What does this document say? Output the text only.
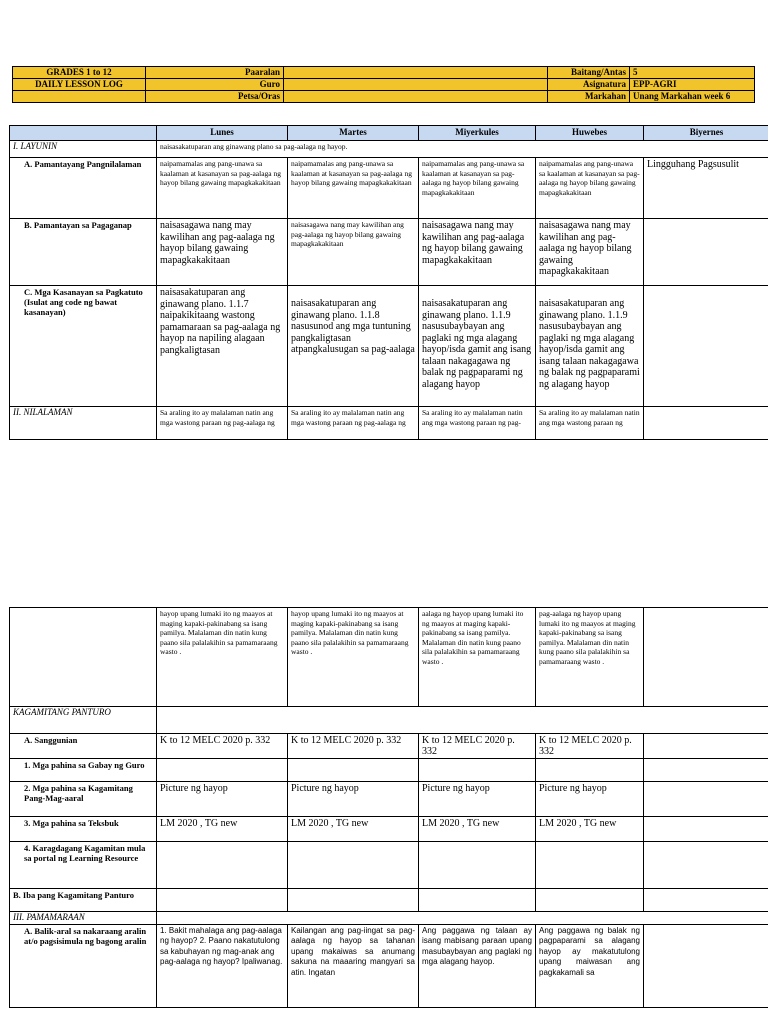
GRADES 1 to 12	Paaralan		Baitang/Antas	5
DAILY LESSON LOG	Guro		Asignatura	EPP-AGRI
	Petsa/Oras		Markahan	Unang Markahan week 6
	Lunes	Martes	Miyerkules	Huwebes	Biyernes
I. LAYUNIN	naisasakatuparan ang ginawang plano sa pag-aalaga ng hayop.				
A. Pamantayang Pangnilalaman	naipamamalas ang pang-unawa sa kaalaman at kasanayan sa pag-aalaga ng hayop bilang gawaing mapagkakakitaan	naipamamalas ang pang-unawa sa kaalaman at kasanayan sa pag-aalaga ng hayop bilang gawaing mapagkakakitaan	naipamamalas ang pang-unawa sa kaalaman at kasanayan sa pag-aalaga ng hayop bilang gawaing mapagkakakitaan	naipamamalas ang pang-unawa sa kaalaman at kasanayan sa pag-aalaga ng hayop bilang gawaing mapagkakakitaan	Lingguhang Pagsusulit
B. Pamantayan sa Pagaganap	naisasagawa nang may kawilihan ang pag-aalaga ng hayop bilang gawaing mapagkakakitaan	naisasagawa nang may kawilihan ang pag-aalaga ng hayop bilang gawaing mapagkakakitaan	naisasagawa nang may kawilihan ang pag-aalaga ng hayop bilang gawaing mapagkakakitaan	naisasagawa nang may kawilihan ang pag-aalaga ng hayop bilang gawaing mapagkakakitaan	
C. Mga Kasanayan sa Pagkatuto (Isulat ang code ng bawat kasanayan)	naisasakatuparan ang ginawang plano. 1.1.7 naipakikitaang wastong pamamaraan sa pag-aalaga ng hayop na napiling alagaan pangkaligtasan	naisasakatuparan ang ginawang plano. 1.1.8 nasusunod ang mga tuntuning pangkaligtasan atpangkalusugan sa pag-aalaga	naisasakatuparan ang ginawang plano. 1.1.9 nasusubaybayan ang paglaki ng mga alagang hayop/isda gamit ang isang talaan nakagagawa ng balak ng pagpaparami ng alagang hayop	naisasakatuparan ang ginawang plano. 1.1.9 nasusubaybayan ang paglaki ng mga alagang hayop/isda gamit ang isang talaan nakagagawa ng balak ng pagpaparami ng alagang hayop	
II. NILALAMAN	Sa araling ito ay malalaman natin ang mga wastong paraan ng pag-aalaga ng	Sa araling ito ay malalaman natin ang mga wastong paraan ng pag-aalaga ng	Sa araling ito ay malalaman natin ang mga wastong paraan ng pag-	Sa araling ito ay malalaman natin ang mga wastong paraan ng	
	hayop upang lumaki ito ng maayos at maging kapaki-pakinabang sa isang pamilya. Malalaman din natin kung paano sila palalakihin sa pamamaraang wasto .	hayop upang lumaki ito ng maayos at maging kapaki-pakinabang sa isang pamilya. Malalaman din natin kung paano sila palalakihin sa pamamaraang wasto .	aalaga ng hayop upang lumaki ito ng maayos at maging kapaki-pakinabang sa isang pamilya. Malalaman din natin kung paano sila palalakihin sa pamamaraang wasto .	pag-aalaga ng hayop upang lumaki ito ng maayos at maging kapaki-pakinabang sa isang pamilya. Malalaman din natin kung paano sila palalakihin sa pamamaraang wasto .	
KAGAMITANG PANTURO					
A. Sanggunian	K to 12 MELC 2020 p. 332	K to 12 MELC 2020 p. 332	K to 12 MELC 2020 p. 332	K to 12 MELC 2020 p. 332	
1. Mga pahina sa Gabay ng Guro					
2. Mga pahina sa Kagamitang Pang-Mag-aaral	Picture ng hayop	Picture ng hayop	Picture ng hayop	Picture ng hayop	
3. Mga pahina sa Teksbuk	LM 2020 , TG new	LM 2020 , TG new	LM 2020 , TG new	LM 2020 , TG new	
4. Karagdagang Kagamitan mula sa portal ng Learning Resource					
B. Iba pang Kagamitang Panturo					
III. PAMAMARAAN					
A. Balik-aral sa nakaraang aralin at/o pagsisimula ng bagong aralin	1. Bakit mahalaga ang pag-aalaga ng hayop? 2. Paano nakatutulong sa kabuhayan ng mag-anak ang pag-aalaga ng hayop? Ipaliwanag.	Kailangan ang pag-iingat sa pag-aalaga ng hayop sa tahanan upang makaiwas sa anumang sakuna na maaaring mangyari sa atin. Ingatan	Ang paggawa ng talaan ay isang mabisang paraan upang masubaybayan ang paglaki ng mga alagang hayop.	Ang paggawa ng balak ng pagpaparami sa alagang hayop ay makatutulong upang maiwasan ang pagkakamali sa	
